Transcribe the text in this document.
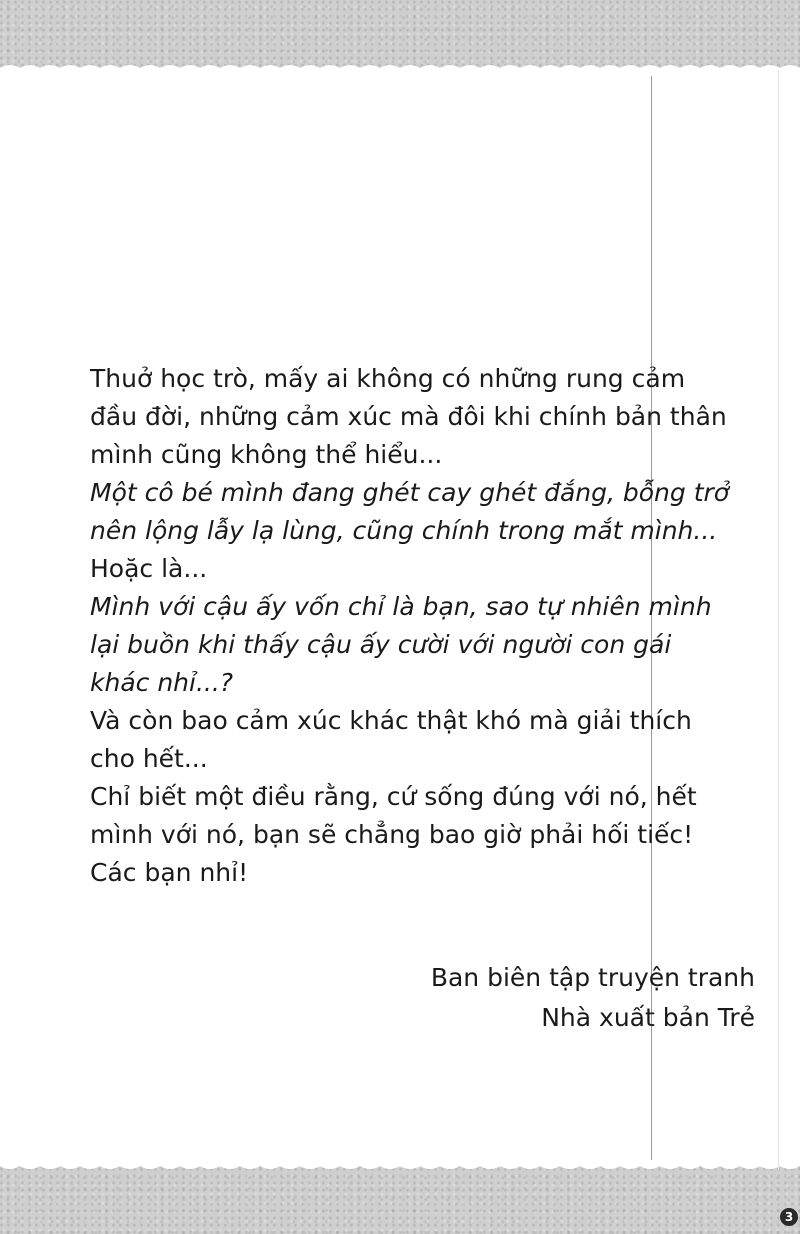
Thuở học trò, mấy ai không có những rung cảm
đầu đời, những cảm xúc mà đôi khi chính bản thân
mình cũng không thể hiểu...
Một cô bé mình đang ghét cay ghét đắng, bỗng trở
nên lộng lẫy lạ lùng, cũng chính trong mắt mình...
Hoặc là...
Mình với cậu ấy vốn chỉ là bạn, sao tự nhiên mình
lại buồn khi thấy cậu ấy cười với người con gái
khác nhỉ...?
Và còn bao cảm xúc khác thật khó mà giải thích
cho hết...
Chỉ biết một điều rằng, cứ sống đúng với nó, hết
mình với nó, bạn sẽ chẳng bao giờ phải hối tiếc!
Các bạn nhỉ!
Ban biên tập truyện tranh
Nhà xuất bản Trẻ
3
